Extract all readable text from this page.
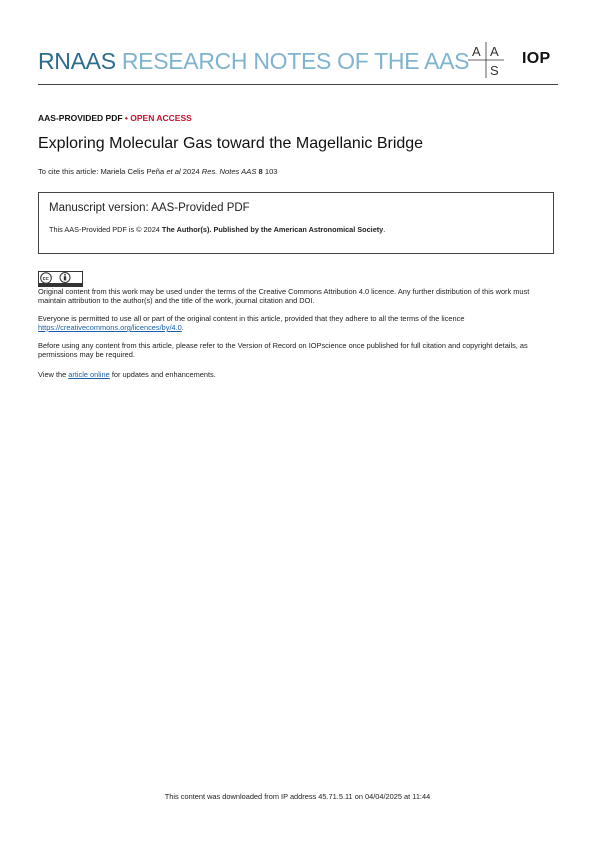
RNAAS RESEARCH NOTES OF THE AAS A A
S
IOP
AAS-PROVIDED PDF • OPEN ACCESS
Exploring Molecular Gas toward the Magellanic Bridge
To cite this article: Mariela Celis Peña et al 2024 Res. Notes AAS 8 103
Manuscript version: AAS-Provided PDF
This AAS-Provided PDF is © 2024 The Author(s). Published by the American Astronomical Society.
cc
Original content from this work may be used under the terms of the Creative Commons Attribution 4.0 licence. Any further distribution of this work must maintain attribution to the author(s) and the title of the work, journal citation and DOI.
Everyone is permitted to use all or part of the original content in this article, provided that they adhere to all the terms of the licence https://creativecommons.org/licences/by/4.0.
Before using any content from this article, please refer to the Version of Record on IOPscience once published for full citation and copyright details, as permissions may be required.
View the article online for updates and enhancements.
This content was downloaded from IP address 45.71.5.11 on 04/04/2025 at 11:44
